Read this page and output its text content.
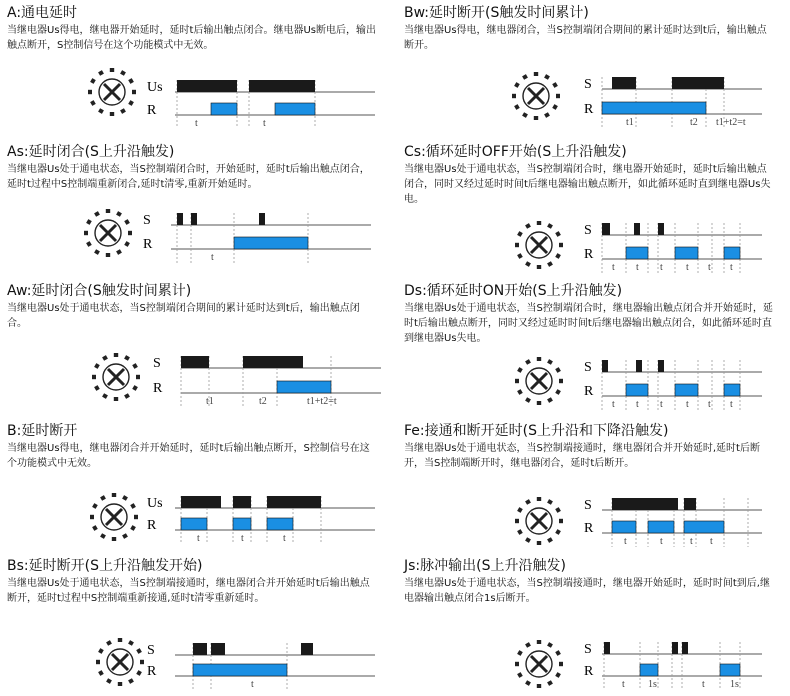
A:通电延时
当继电器Us得电，继电器开始延时，延时t后输出触点闭合。继电器Us断电后，输出触点断开，S控制信号在这个功能模式中无效。
Us
R
t	t
As:延时闭合(S上升沿触发)
当继电器Us处于通电状态，当S控制端闭合时，开始延时，延时t后输出触点闭合，延时t过程中S控制端重新闭合,延时t清零,重新开始延时。
S
R
t
Aw:延时闭合(S触发时间累计)
当继电器Us处于通电状态，当S控制端闭合期间的累计延时达到t后，输出触点闭合。
S
R
t1	t2	t1+t2=t
B:延时断开
当继电器Us得电，继电器闭合并开始延时，延时t后输出触点断开，S控制信号在这个功能模式中无效。
Us
R
t	t	t
Bs:延时断开(S上升沿触发开始)
当继电器Us处于通电状态，当S控制端接通时，继电器闭合并开始延时t后输出触点断开，延时t过程中S控制端重新接通,延时t清零重新延时。
S
R
t
Bw:延时断开(S触发时间累计)
当继电器Us得电，继电器闭合，当S控制端闭合期间的累计延时达到t后，输出触点断开。
S
R
t1	t2 t1+t2=t
Cs:循环延时OFF开始(S上升沿触发)
当继电器Us处于通电状态，当S控制端闭合时，继电器开始延时，延时t后输出触点闭合，同时又经过延时时间t后继电器输出触点断开，如此循环延时直到继电器Us失电。
S
R
t t t t t t
Ds:循环延时ON开始(S上升沿触发)
当继电器Us处于通电状态，当S控制端闭合时，继电器输出触点闭合并开始延时，延时t后输出触点断开，同时又经过延时时间t后继电器输出触点闭合，如此循环延时直到继电器Us失电。
S
R
t t t t t t
Fe:接通和断开延时(S上升沿和下降沿触发)
当继电器Us处于通电状态，当S控制端接通时，继电器闭合并开始延时,延时t后断开，当S控制端断开时，继电器闭合，延时t后断开。
S
R
t	t	t t
Js:脉冲输出(S上升沿触发)
当继电器Us处于通电状态，当S控制端接通时，继电器开始延时，延时时间t到后,继电器输出触点闭合1s后断开。
S
R
t 1s	t	1s
